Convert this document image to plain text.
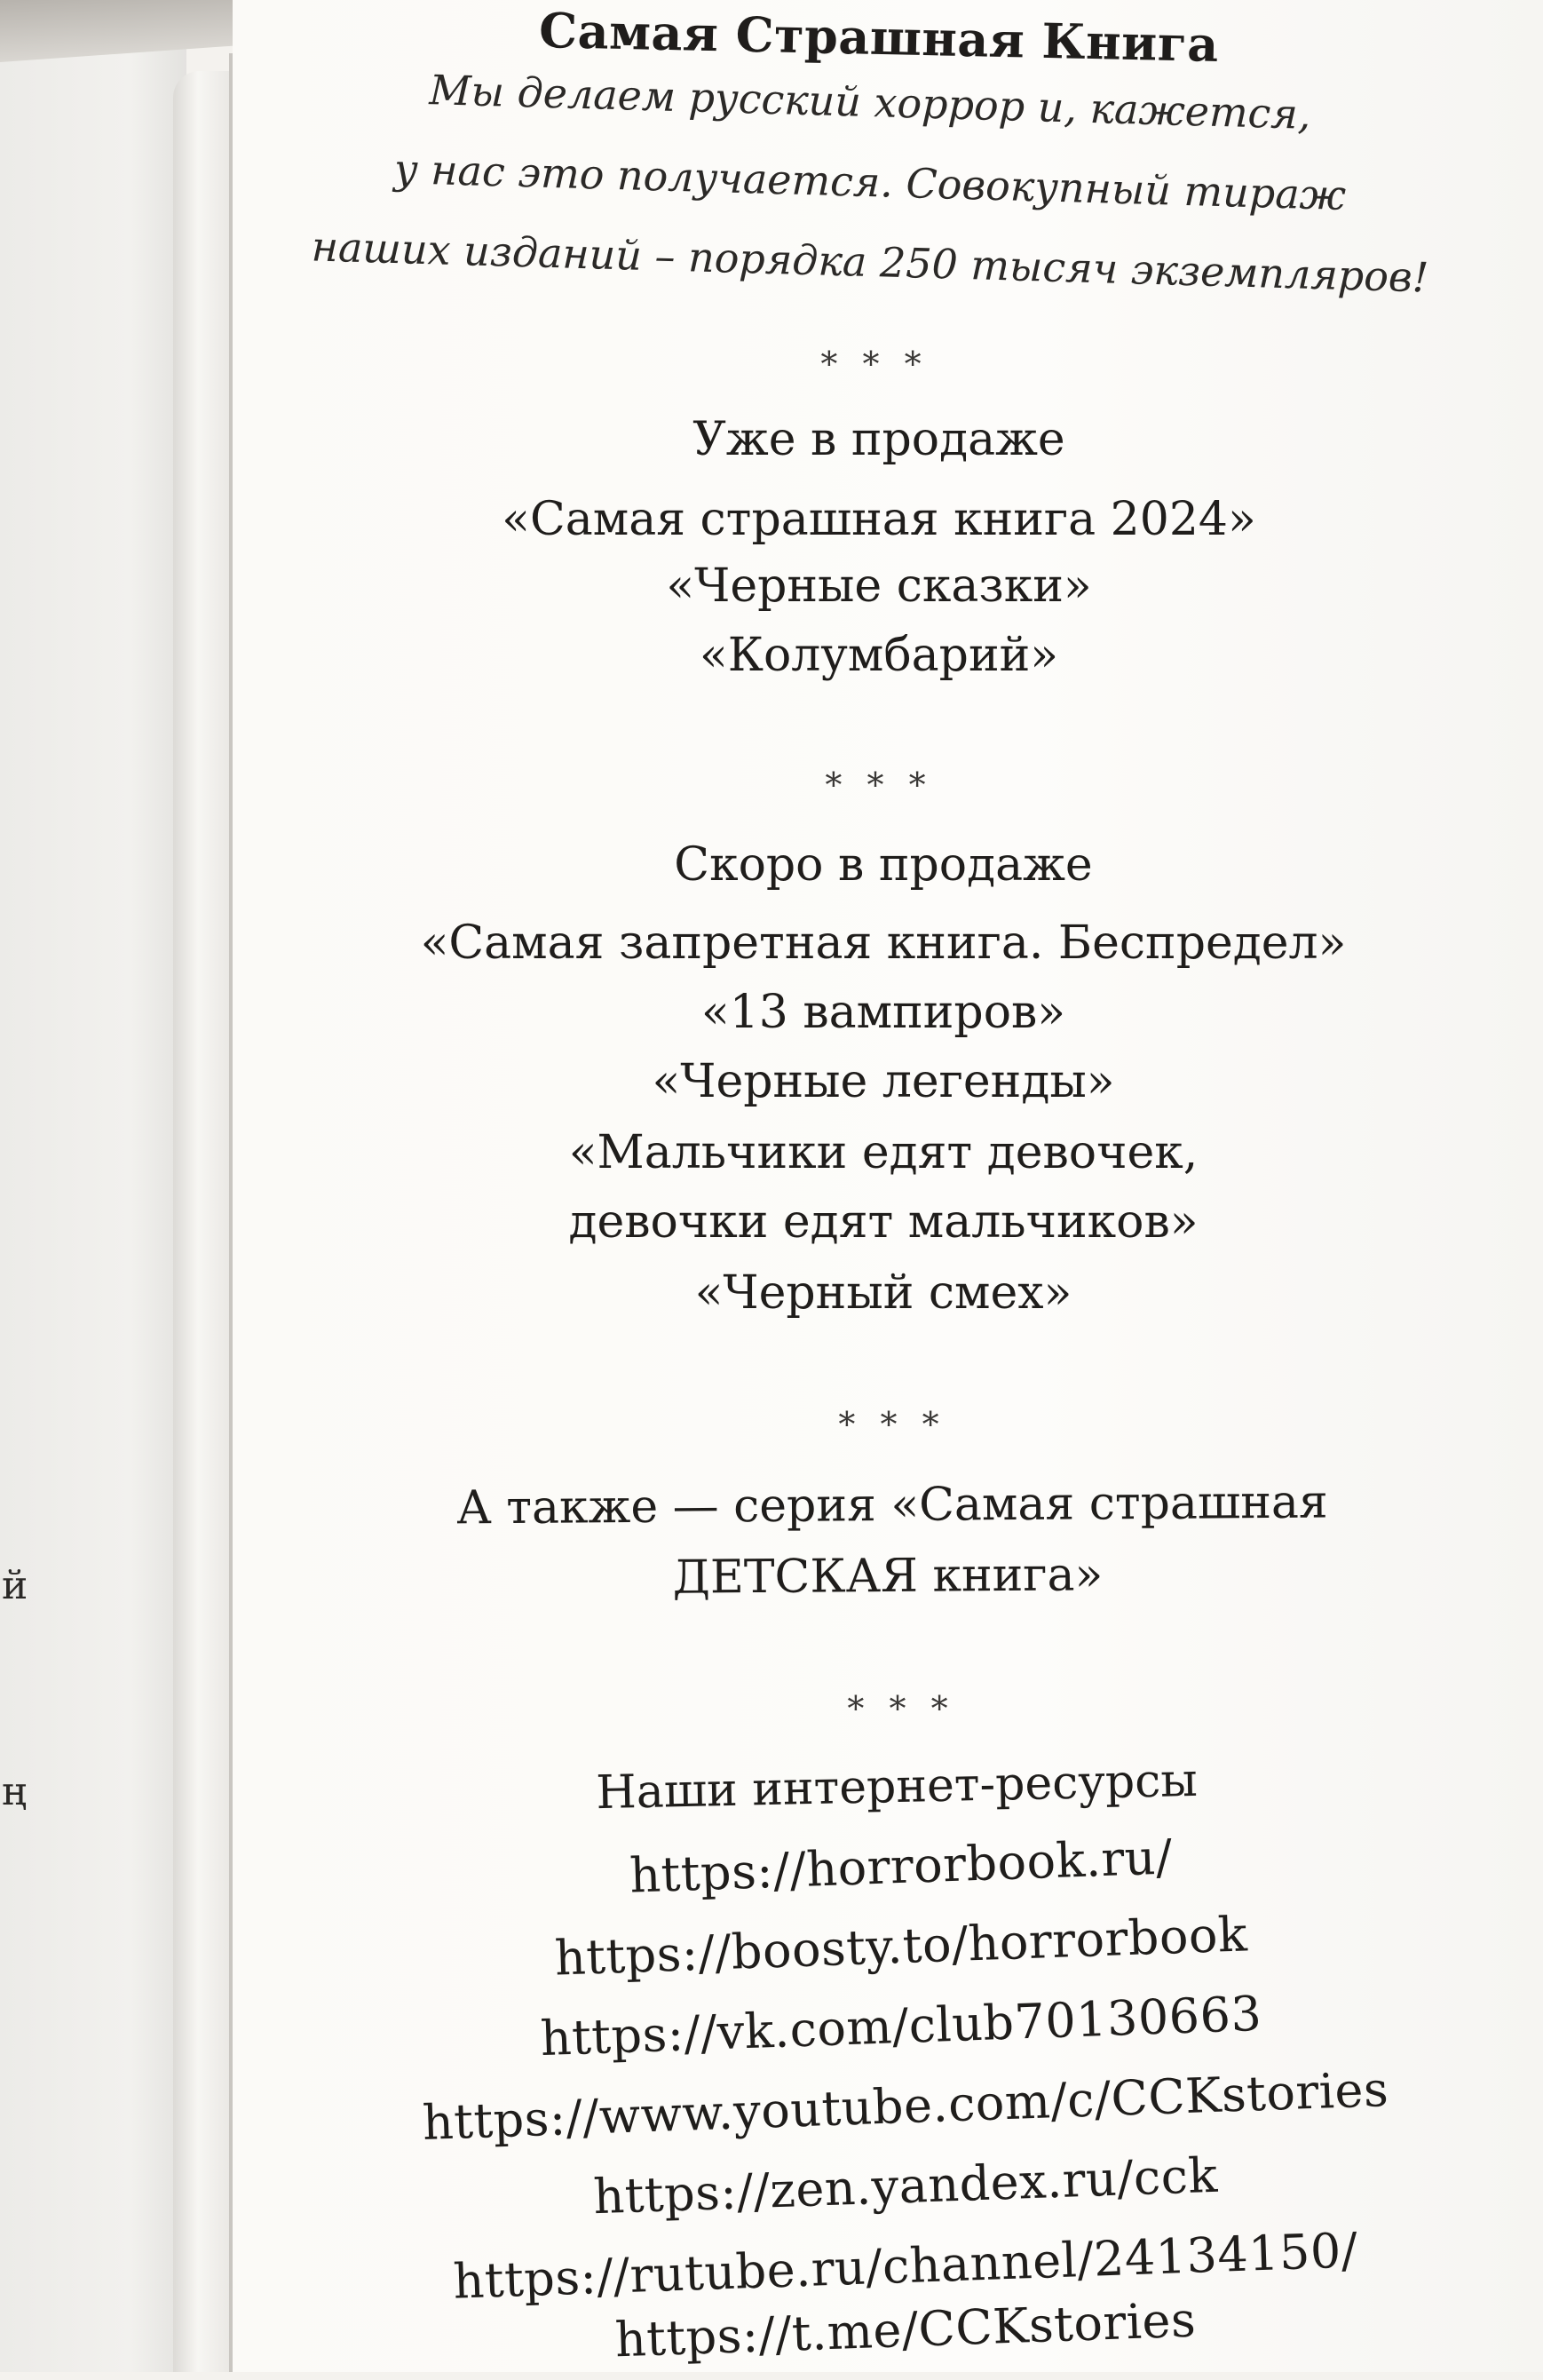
й
ң
Самая Страшная Книга
Мы делаем русский хоррор и, кажется,
у нас это получается. Совокупный тираж
наших изданий – порядка 250 тысяч экземпляров!
* * *
Уже в продаже
«Самая страшная книга 2024»
«Черные сказки»
«Колумбарий»
* * *
Скоро в продаже
«Самая запретная книга. Беспредел»
«13 вампиров»
«Черные легенды»
«Мальчики едят девочек,
девочки едят мальчиков»
«Черный смех»
* * *
А также — серия «Самая страшная
ДЕТСКАЯ книга»
* * *
Наши интернет-ресурсы
https://horrorbook.ru/
https://boosty.to/horrorbook
https://vk.com/club70130663
https://www.youtube.com/c/CCKstories
https://zen.yandex.ru/cck
https://rutube.ru/channel/24134150/
https://t.me/CCKstories
